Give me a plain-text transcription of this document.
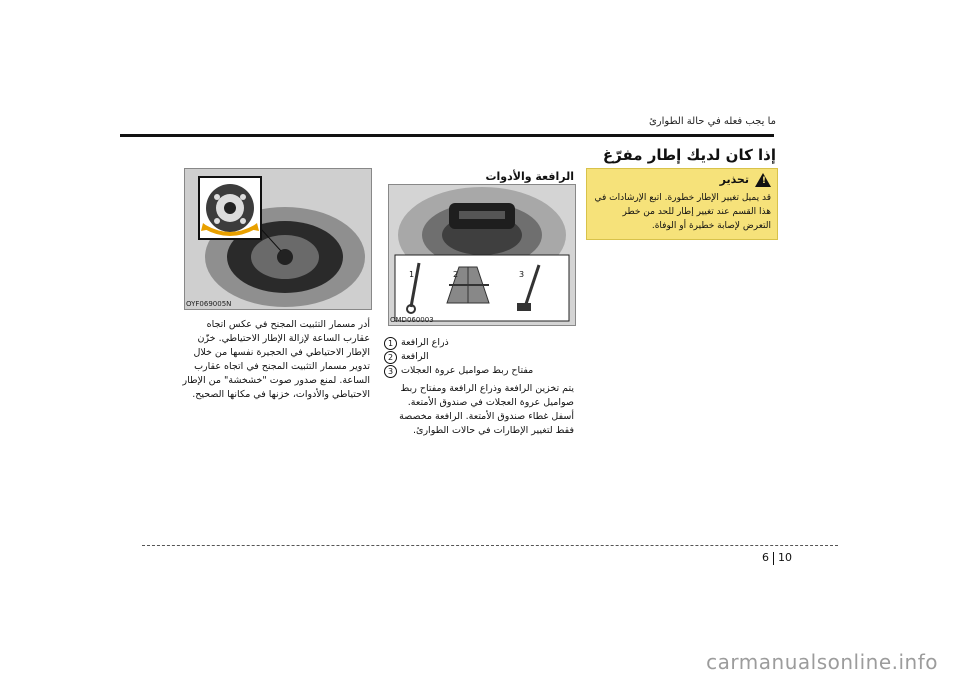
ما يجب فعله في حالة الطوارئ
إذا كان لديك إطار مفرّغ
!
تحذير
قد يميل تغيير الإطار خطورة. اتبع الإرشادات في هذا القسم عند تغيير إطار للحد من خطر التعرض لإصابة خطيرة أو الوفاة.
الرافعة والأدوات
1	2	3
OMD060003
OYF069005N
1 ذراع الرافعة
2 الرافعة
3 مفتاح ربط صواميل عروة العجلات
يتم تخزين الرافعة وذراع الرافعة ومفتاح ربط صواميل عروة العجلات في صندوق الأمتعة. أسفل غطاء صندوق الأمتعة. الرافعة مخصصة فقط لتغيير الإطارات في حالات الطوارئ.
أدر مسمار التثبيت المجنح في عكس اتجاه عقارب الساعة لإزالة الإطار الاحتياطي. خزّن الإطار الاحتياطي في الحجيرة نفسها من خلال تدوير مسمار التثبيت المجنح في اتجاه عقارب الساعة. لمنع صدور صوت "خشخشة" من الإطار الاحتياطي والأدوات، خزنها في مكانها الصحيح.
6 10
carmanualsonline.info
